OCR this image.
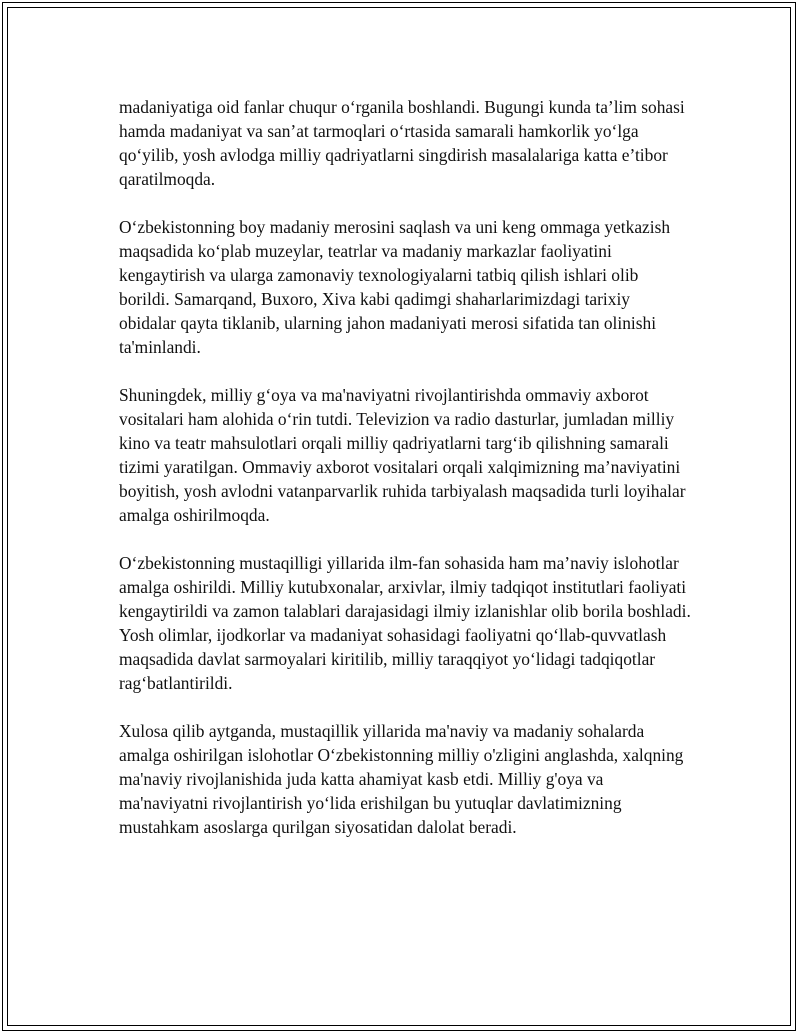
madaniyatiga oid fanlar chuqur o‘rganila boshlandi. Bugungi kunda ta’lim sohasi hamda madaniyat va san’at tarmoqlari o‘rtasida samarali hamkorlik yo‘lga qo‘yilib, yosh avlodga milliy qadriyatlarni singdirish masalalariga katta e’tibor qaratilmoqda.

O‘zbekistonning boy madaniy merosini saqlash va uni keng ommaga yetkazish maqsadida ko‘plab muzeylar, teatrlar va madaniy markazlar faoliyatini kengaytirish va ularga zamonaviy texnologiyalarni tatbiq qilish ishlari olib borildi. Samarqand, Buxoro, Xiva kabi qadimgi shaharlarimizdagi tarixiy obidalar qayta tiklanib, ularning jahon madaniyati merosi sifatida tan olinishi ta'minlandi.

Shuningdek, milliy g‘oya va ma'naviyatni rivojlantirishda ommaviy axborot vositalari ham alohida o‘rin tutdi. Televizion va radio dasturlar, jumladan milliy kino va teatr mahsulotlari orqali milliy qadriyatlarni targ‘ib qilishning samarali tizimi yaratilgan. Ommaviy axborot vositalari orqali xalqimizning ma’naviyatini boyitish, yosh avlodni vatanparvarlik ruhida tarbiyalash maqsadida turli loyihalar amalga oshirilmoqda.

O‘zbekistonning mustaqilligi yillarida ilm-fan sohasida ham ma’naviy islohotlar amalga oshirildi. Milliy kutubxonalar, arxivlar, ilmiy tadqiqot institutlari faoliyati kengaytirildi va zamon talablari darajasidagi ilmiy izlanishlar olib borila boshladi. Yosh olimlar, ijodkorlar va madaniyat sohasidagi faoliyatni qo‘llab-quvvatlash maqsadida davlat sarmoyalari kiritilib, milliy taraqqiyot yo‘lidagi tadqiqotlar rag‘batlantirildi.

Xulosa qilib aytganda, mustaqillik yillarida ma'naviy va madaniy sohalarda amalga oshirilgan islohotlar O‘zbekistonning milliy o'zligini anglashda, xalqning ma'naviy rivojlanishida juda katta ahamiyat kasb etdi. Milliy g'oya va ma'naviyatni rivojlantirish yo‘lida erishilgan bu yutuqlar davlatimizning mustahkam asoslarga qurilgan siyosatidan dalolat beradi.
